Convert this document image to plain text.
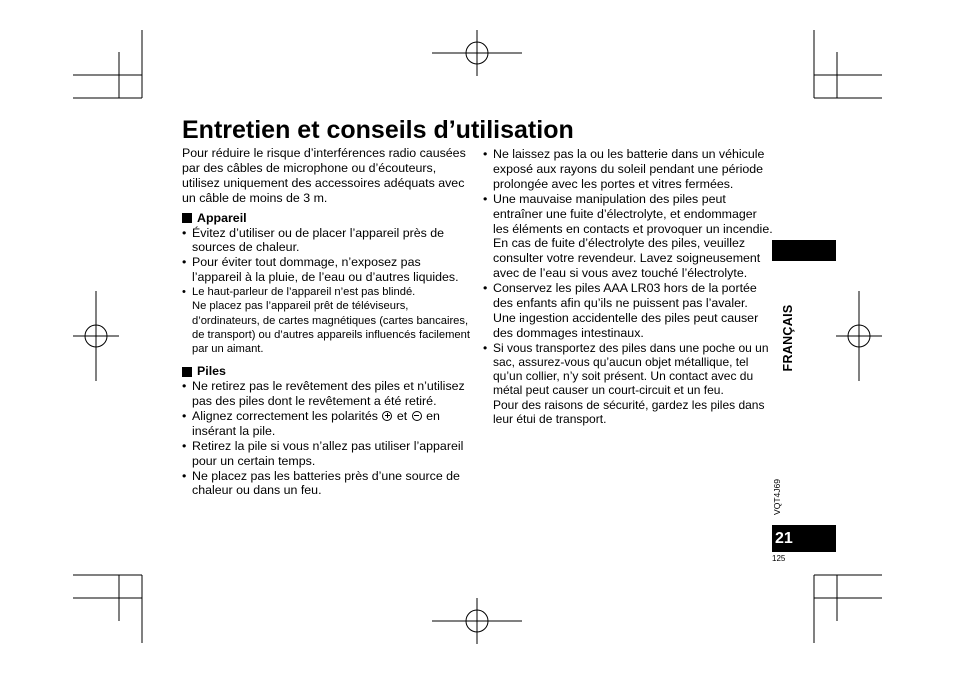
Entretien et conseils d’utilisation

Pour réduire le risque d’interférences radio causées par des câbles de microphone ou d’écouteurs, utilisez uniquement des accessoires adéquats avec un câble de moins de 3 m.

Appareil
• Évitez d’utiliser ou de placer l’appareil près de sources de chaleur.
• Pour éviter tout dommage, n’exposez pas l’appareil à la pluie, de l’eau ou d’autres liquides.
• Le haut-parleur de l’appareil n’est pas blindé.
Ne placez pas l’appareil prêt de téléviseurs, d’ordinateurs, de cartes magnétiques (cartes bancaires, de transport) ou d’autres appareils influencés facilement par un aimant.
Piles
• Ne retirez pas le revêtement des piles et n’utilisez pas des piles dont le revêtement a été retiré.
• Alignez correctement les polarités et en insérant la pile.
• Retirez la pile si vous n’allez pas utiliser l’appareil pour un certain temps.
• Ne placez pas les batteries près d’une source de chaleur ou dans un feu.
• Ne laissez pas la ou les batterie dans un véhicule exposé aux rayons du soleil pendant une période prolongée avec les portes et vitres fermées.
• Une mauvaise manipulation des piles peut entraîner une fuite d’électrolyte, et endommager les éléments en contacts et provoquer un incendie. En cas de fuite d’électrolyte des piles, veuillez consulter votre revendeur. Lavez soigneusement avec de l’eau si vous avez touché l’électrolyte.
• Conservez les piles AAA LR03 hors de la portée des enfants afin qu’ils ne puissent pas l’avaler.
Une ingestion accidentelle des piles peut causer des dommages intestinaux.
• Si vous transportez des piles dans une poche ou un sac, assurez-vous qu’aucun objet métallique, tel qu’un collier, n’y soit présent. Un contact avec du métal peut causer un court-circuit et un feu.
Pour des raisons de sécurité, gardez les piles dans leur étui de transport.
FRANÇAIS
VQT4J69
21
125
